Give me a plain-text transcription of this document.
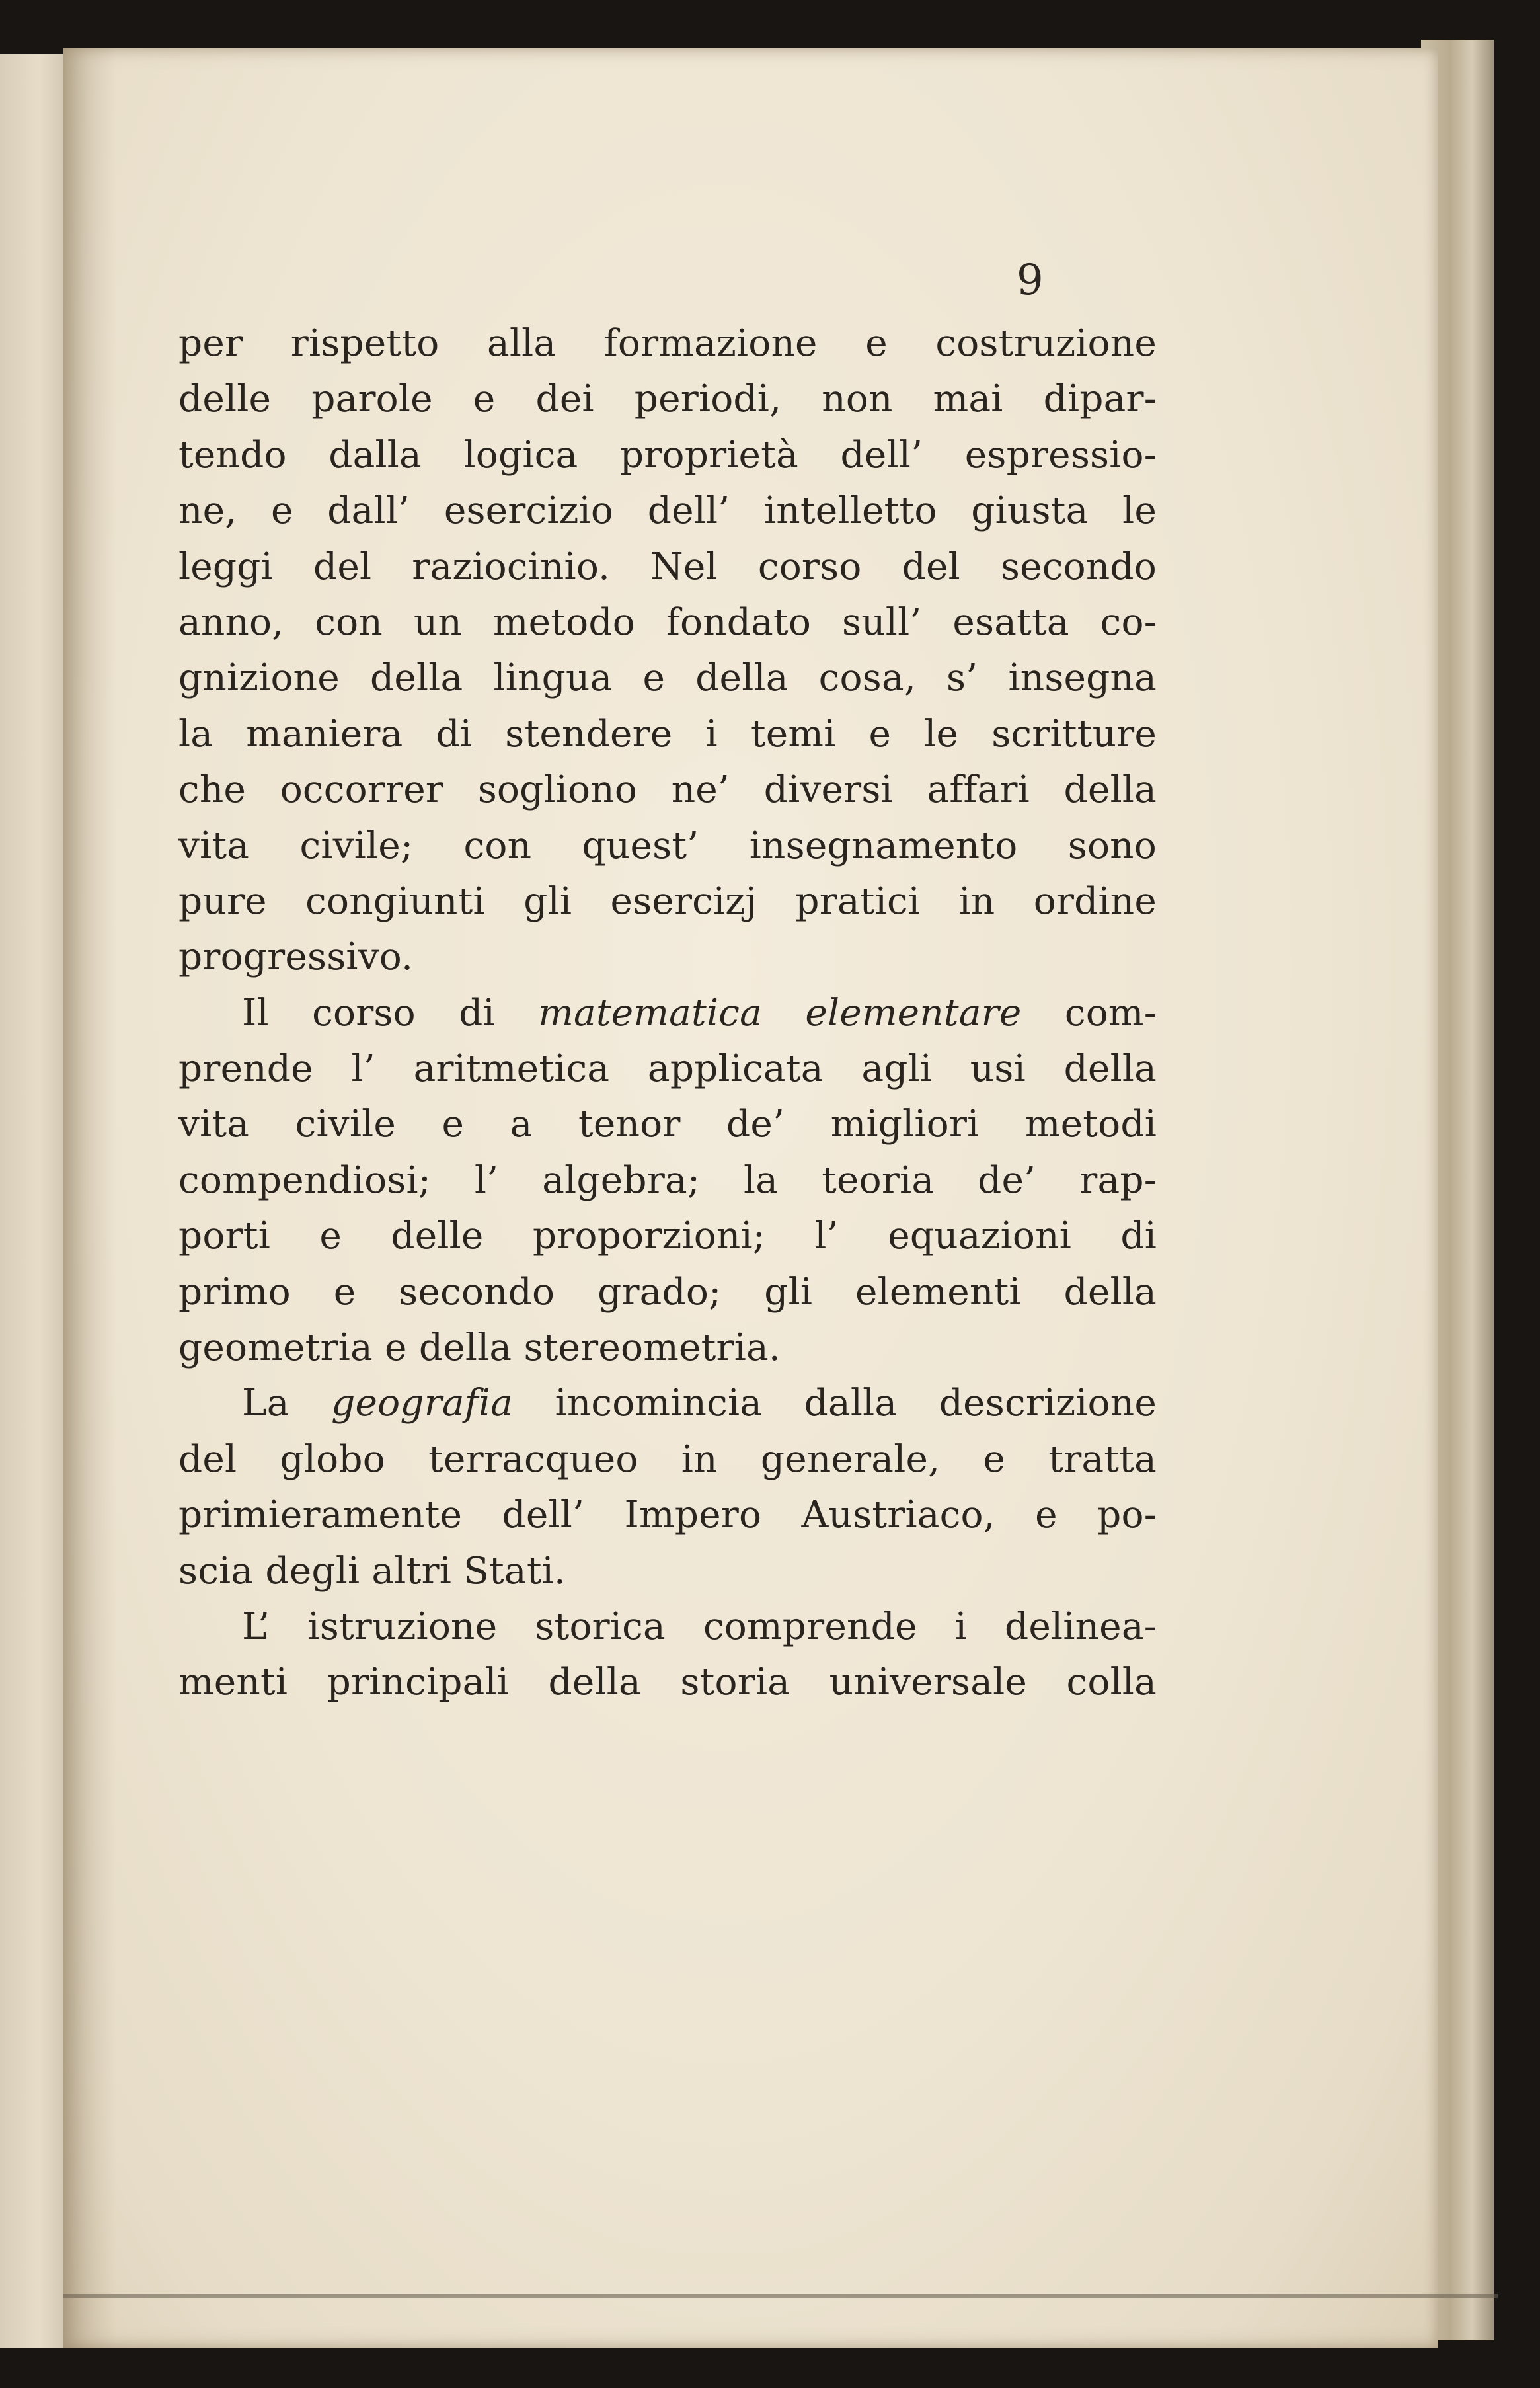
9
per rispetto alla formazione e costruzione
delle parole e dei periodi, non mai dipar-
tendo dalla logica proprietà dell’ espressio-
ne, e dall’ esercizio dell’ intelletto giusta le
leggi del raziocinio. Nel corso del secondo
anno, con un metodo fondato sull’ esatta co-
gnizione della lingua e della cosa, s’ insegna
la maniera di stendere i temi e le scritture
che occorrer sogliono ne’ diversi affari della
vita civile; con quest’ insegnamento sono
pure congiunti gli esercizj pratici in ordine
progressivo.
Il corso di matematica elementare com-
prende l’ aritmetica applicata agli usi della
vita civile e a tenor de’ migliori metodi
compendiosi; l’ algebra; la teoria de’ rap-
porti e delle proporzioni; l’ equazioni di
primo e secondo grado; gli elementi della
geometria e della stereometria.
La geografia incomincia dalla descrizione
del globo terracqueo in generale, e tratta
primieramente dell’ Impero Austriaco, e po-
scia degli altri Stati.
L’ istruzione storica comprende i delinea-
menti principali della storia universale colla
